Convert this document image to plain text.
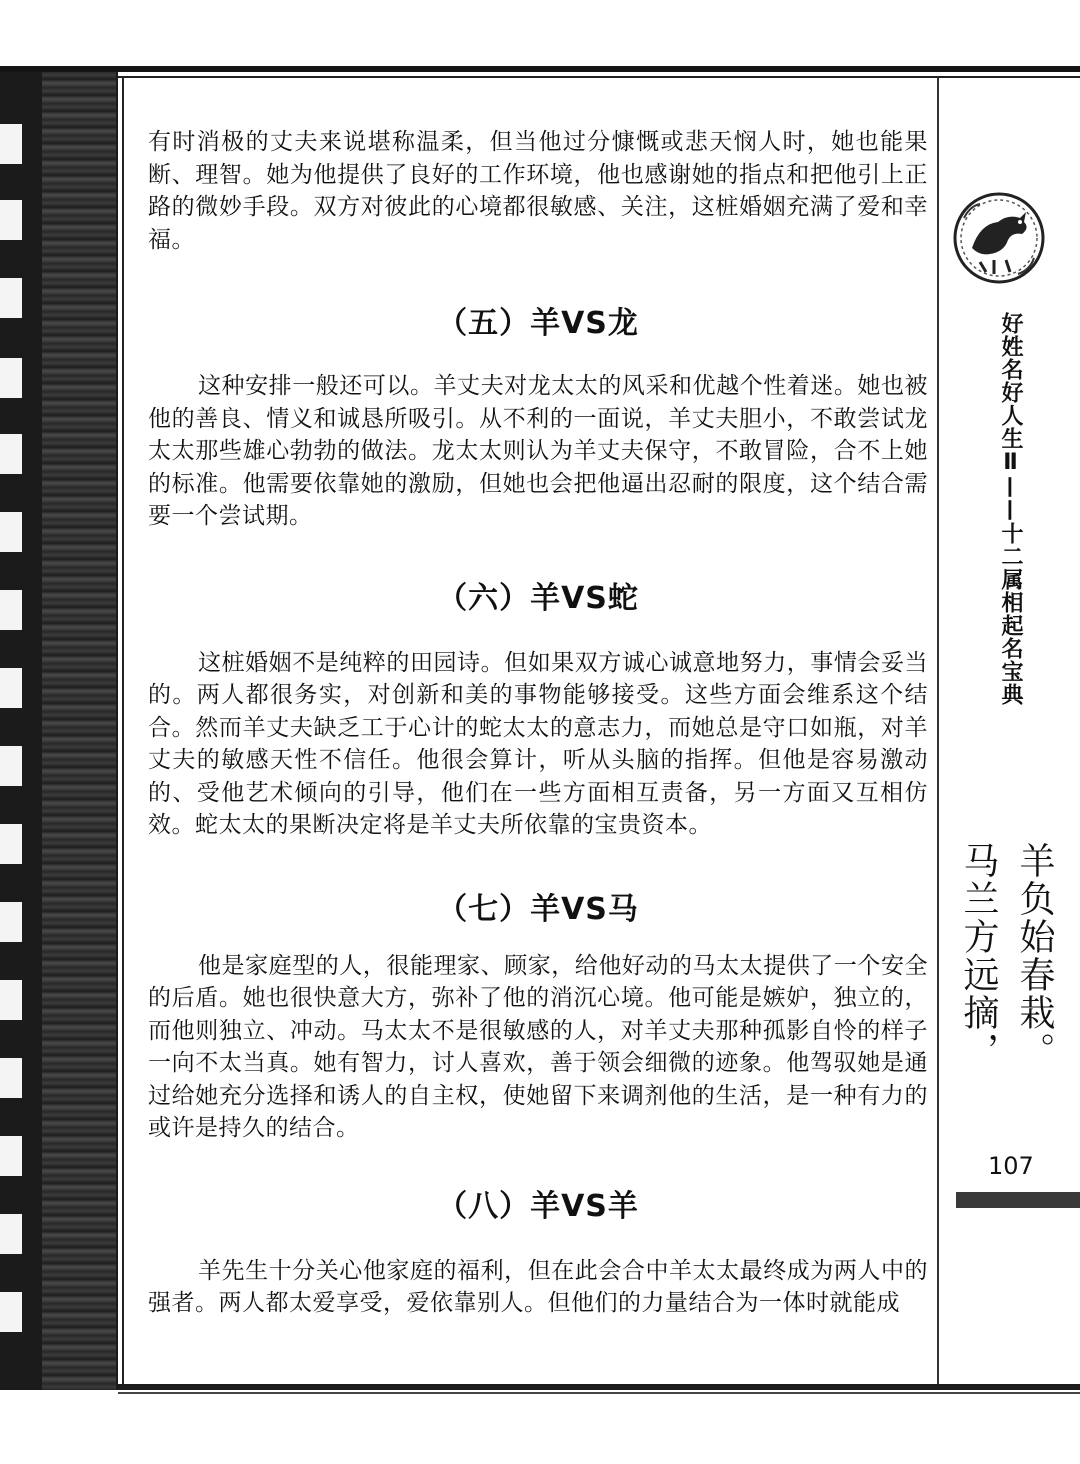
有时消极的丈夫来说堪称温柔，但当他过分慷慨或悲天悯人时，她也能果断、理智。她为他提供了良好的工作环境，他也感谢她的指点和把他引上正路的微妙手段。双方对彼此的心境都很敏感、关注，这桩婚姻充满了爱和幸福。

（五）羊VS龙

这种安排一般还可以。羊丈夫对龙太太的风采和优越个性着迷。她也被他的善良、情义和诚恳所吸引。从不利的一面说，羊丈夫胆小，不敢尝试龙太太那些雄心勃勃的做法。龙太太则认为羊丈夫保守，不敢冒险，合不上她的标准。他需要依靠她的激励，但她也会把他逼出忍耐的限度，这个结合需要一个尝试期。

（六）羊VS蛇

这桩婚姻不是纯粹的田园诗。但如果双方诚心诚意地努力，事情会妥当的。两人都很务实，对创新和美的事物能够接受。这些方面会维系这个结合。然而羊丈夫缺乏工于心计的蛇太太的意志力，而她总是守口如瓶，对羊丈夫的敏感天性不信任。他很会算计，听从头脑的指挥。但他是容易激动的、受他艺术倾向的引导，他们在一些方面相互责备，另一方面又互相仿效。蛇太太的果断决定将是羊丈夫所依靠的宝贵资本。

（七）羊VS马

他是家庭型的人，很能理家、顾家，给他好动的马太太提供了一个安全的后盾。她也很快意大方，弥补了他的消沉心境。他可能是嫉妒，独立的，而他则独立、冲动。马太太不是很敏感的人，对羊丈夫那种孤影自怜的样子一向不太当真。她有智力，讨人喜欢，善于领会细微的迹象。他驾驭她是通过给她充分选择和诱人的自主权，使她留下来调剂他的生活，是一种有力的或许是持久的结合。

（八）羊VS羊

羊先生十分关心他家庭的福利，但在此会合中羊太太最终成为两人中的强者。两人都太爱享受，爱依靠别人。但他们的力量结合为一体时就能成

好姓名好人生Ⅱ——十二属相起名宝典
羊负始春栽。
马兰方远摘，
107
